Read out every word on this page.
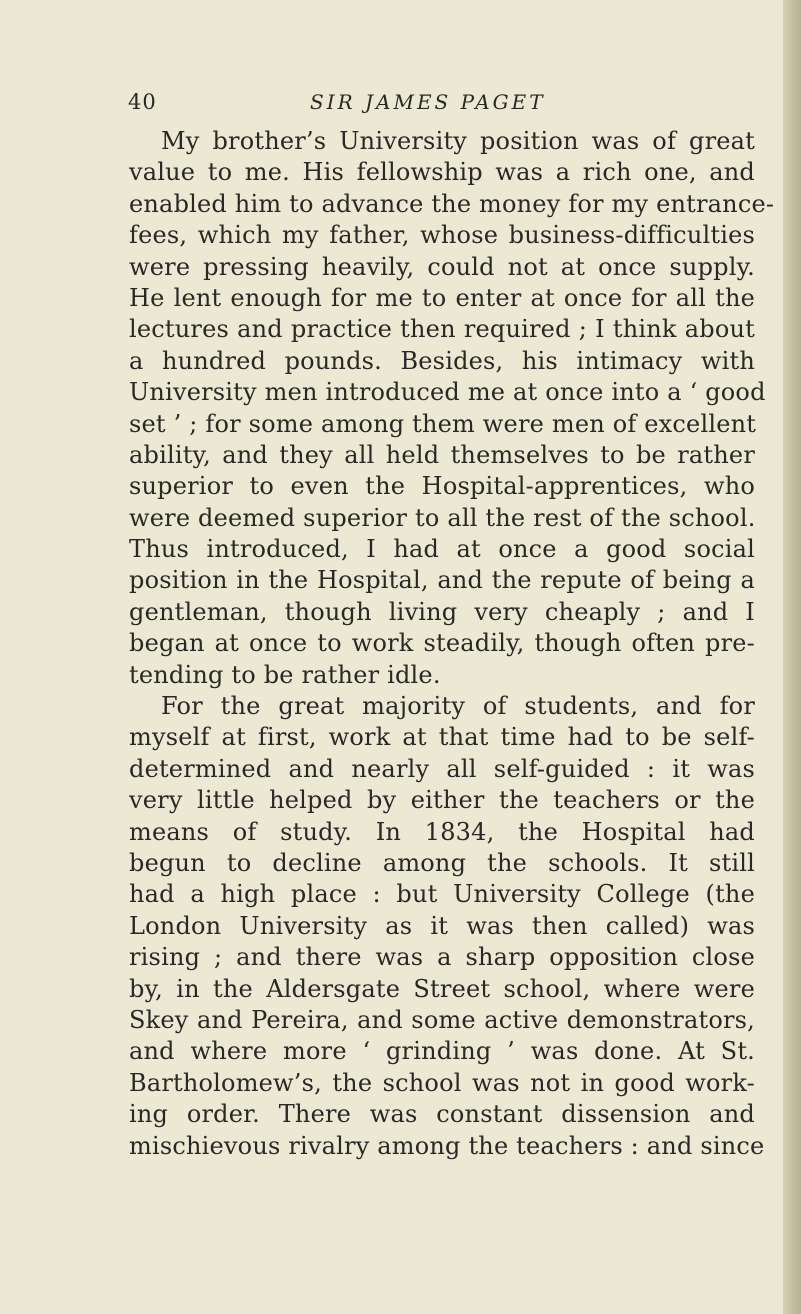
40	SIR JAMES PAGET
My brother’s University position was of great
value to me. His fellowship was a rich one, and
enabled him to advance the money for my entrance-
fees, which my father, whose business-difficulties
were pressing heavily, could not at once supply.
He lent enough for me to enter at once for all the
lectures and practice then required ; I think about
a hundred pounds. Besides, his intimacy with
University men introduced me at once into a ‘ good
set ’ ; for some among them were men of excellent
ability, and they all held themselves to be rather
superior to even the Hospital-apprentices, who
were deemed superior to all the rest of the school.
Thus introduced, I had at once a good social
position in the Hospital, and the repute of being a
gentleman, though living very cheaply ; and I
began at once to work steadily, though often pre-
tending to be rather idle.
For the great majority of students, and for
myself at first, work at that time had to be self-
determined and nearly all self-guided : it was
very little helped by either the teachers or the
means of study. In 1834, the Hospital had
begun to decline among the schools. It still
had a high place : but University College (the
London University as it was then called) was
rising ; and there was a sharp opposition close
by, in the Aldersgate Street school, where were
Skey and Pereira, and some active demonstrators,
and where more ‘ grinding ’ was done. At St.
Bartholomew’s, the school was not in good work-
ing order. There was constant dissension and
mischievous rivalry among the teachers : and since
